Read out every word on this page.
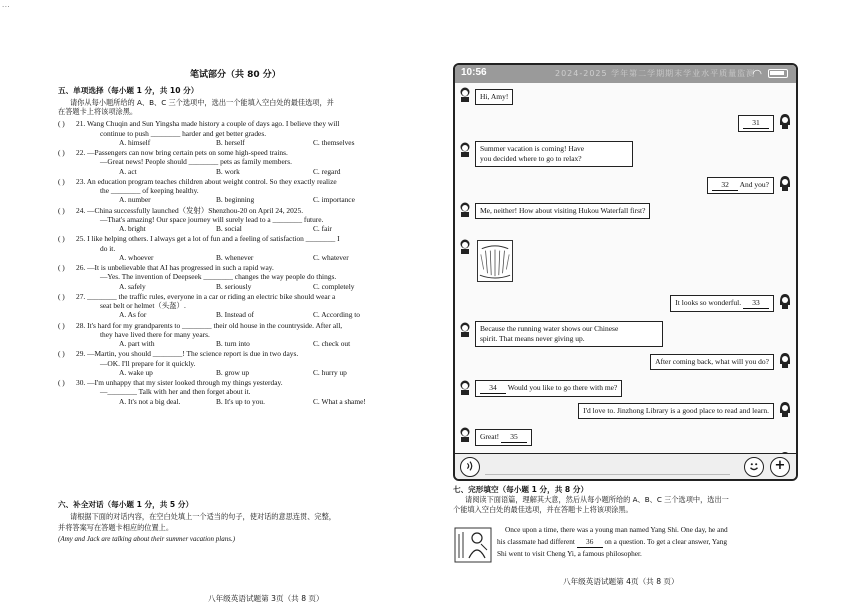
...
笔试部分（共 80 分）
五、单项选择（每小题 1 分，共 10 分）
请你从每小题所给的 A、B、C 三个选项中，选出一个能填入空白处的最佳选项，并
在答题卡上将该项涂黑。
( ) 21. Wang Chuqin and Sun Yingsha made history a couple of days ago. I believe they will
continue to push ________ harder and get better grades.
A. himself	B. herself	C. themselves
( ) 22. —Passengers can now bring certain pets on some high-speed trains.
—Great news! People should ________ pets as family members.
A. act	B. work	C. regard
( ) 23. An education program teaches children about weight control. So they exactly realize
the ________ of keeping healthy.
A. number	B. beginning	C. importance
( ) 24. —China successfully launched（发射）Shenzhou-20 on April 24, 2025.
—That's amazing! Our space journey will surely lead to a ________ future.
A. bright	B. social	C. fair
( ) 25. I like helping others. I always get a lot of fun and a feeling of satisfaction ________ I
do it.
A. whoever	B. whenever	C. whatever
( ) 26. —It is unbelievable that AI has progressed in such a rapid way.
—Yes. The invention of Deepseek ________ changes the way people do things.
A. safely	B. seriously	C. completely
( ) 27. ________ the traffic rules, everyone in a car or riding an electric bike should wear a
seat belt or helmet（头盔）.
A. As for	B. Instead of	C. According to
( ) 28. It's hard for my grandparents to ________ their old house in the countryside. After all,
they have lived there for many years.
A. part with	B. turn into	C. check out
( ) 29. —Martin, you should ________! The science report is due in two days.
—OK. I'll prepare for it quickly.
A. wake up	B. grow up	C. hurry up
( ) 30. —I'm unhappy that my sister looked through my things yesterday.
—________ Talk with her and then forget about it.
A. It's not a big deal.	B. It's up to you.	C. What a shame!
六、补全对话（每小题 1 分，共 5 分）
请根据下面的对话内容，在空白处填上一个适当的句子，使对话的意思连贯、完整，
并将答案写在答题卡相应的位置上。
(Amy and Jack are talking about their summer vacation plans.)
八年级英语试题第 3页（共 8 页）
10:56	2024-2025 学年第二学期期末学业水平质量监测
◠
Hi, Amy!
31
Summer vacation is coming! Have
you decided where to go to relax?
32 And you?
Me, neither! How about visiting Hukou Waterfall first?
It looks so wonderful. 33
Because the running water shows our Chinese
spirit. That means never giving up.
After coming back, what will you do?
34 Would you like to go there with me?
I'd love to. Jinzhong Library is a good place to read and learn.
Great! 35
+
七、完形填空（每小题 1 分，共 8 分）
请阅读下面语篇，理解其大意，然后从每小题所给的 A、B、C 三个选项中，选出一
个能填入空白处的最佳选项，并在答题卡上将该项涂黑。
Once upon a time, there was a young man named Yang Shi. One day, he and
his classmate had different 36 on a question. To get a clear answer, Yang
Shi went to visit Cheng Yi, a famous philosopher.
八年级英语试题第 4页（共 8 页）
